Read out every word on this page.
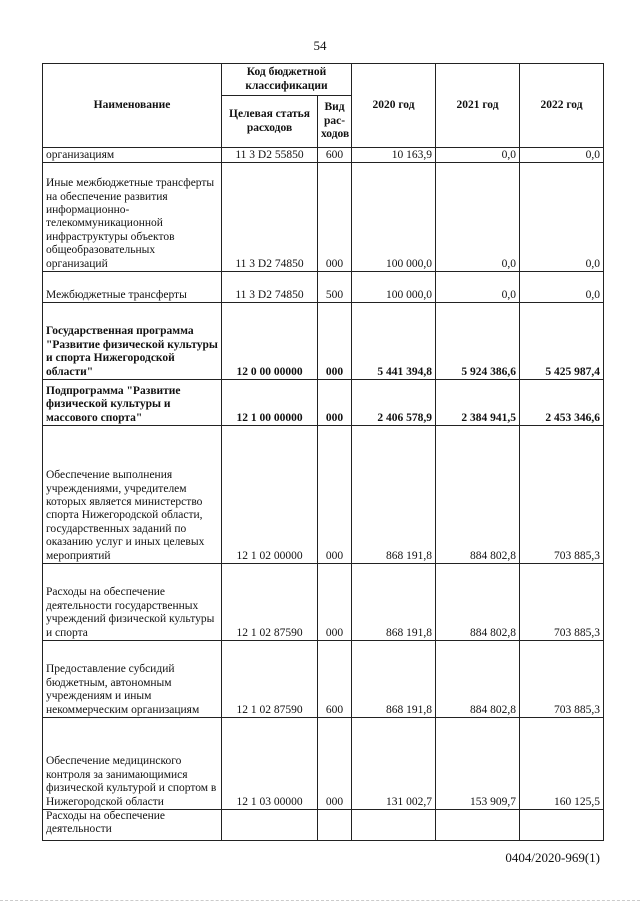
54
Наименование	Код бюджетной классификации		2020 год	2021 год	2022 год
	Целевая статья расходов	Вид рас-ходов			
организациям	11 3 D2 55850	600	10 163,9	0,0	0,0
Иные межбюджетные трансферты на обеспечение развития информационно-телекоммуникационной инфраструктуры объектов общеобразовательных организаций	11 3 D2 74850	000	100 000,0	0,0	0,0
Межбюджетные трансферты	11 3 D2 74850	500	100 000,0	0,0	0,0
Государственная программа "Развитие физической культуры и спорта Нижегородской области"	12 0 00 00000	000	5 441 394,8	5 924 386,6	5 425 987,4
Подпрограмма "Развитие физической культуры и массового спорта"	12 1 00 00000	000	2 406 578,9	2 384 941,5	2 453 346,6
Обеспечение выполнения учреждениями, учредителем которых является министерство спорта Нижегородской области, государственных заданий по оказанию услуг и иных целевых мероприятий	12 1 02 00000	000	868 191,8	884 802,8	703 885,3
Расходы на обеспечение деятельности государственных учреждений физической культуры и спорта	12 1 02 87590	000	868 191,8	884 802,8	703 885,3
Предоставление субсидий бюджетным, автономным учреждениям и иным некоммерческим организациям	12 1 02 87590	600	868 191,8	884 802,8	703 885,3
Обеспечение медицинского контроля за занимающимися физической культурой и спортом в Нижегородской области	12 1 03 00000	000	131 002,7	153 909,7	160 125,5
Расходы на обеспечение деятельности					
0404/2020-969(1)
